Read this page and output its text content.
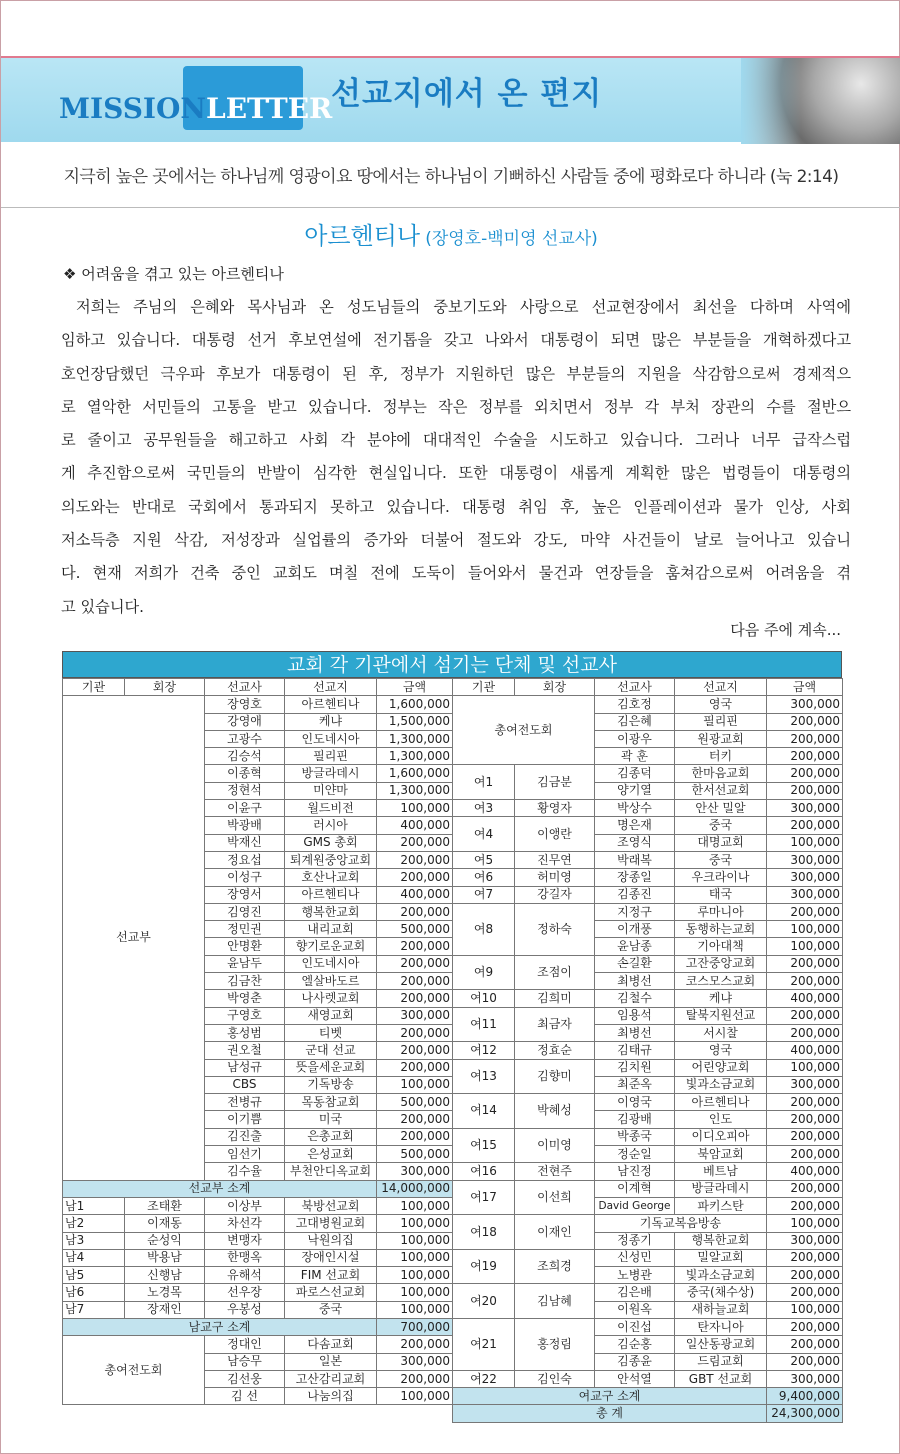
MISSIONLETTER
선교지에서 온 편지
지극히 높은 곳에서는 하나님께 영광이요 땅에서는 하나님이 기뻐하신 사람들 중에 평화로다 하니라 (눅 2:14)
아르헨티나 (장영호-백미영 선교사)
❖ 어려움을 겪고 있는 아르헨티나
저희는 주님의 은혜와 목사님과 온 성도님들의 중보기도와 사랑으로 선교현장에서 최선을 다하며 사역에
임하고 있습니다. 대통령 선거 후보연설에 전기톱을 갖고 나와서 대통령이 되면 많은 부분들을 개혁하겠다고
호언장담했던 극우파 후보가 대통령이 된 후, 정부가 지원하던 많은 부분들의 지원을 삭감함으로써 경제적으
로 열악한 서민들의 고통을 받고 있습니다. 정부는 작은 정부를 외치면서 정부 각 부처 장관의 수를 절반으
로 줄이고 공무원들을 해고하고 사회 각 분야에 대대적인 수술을 시도하고 있습니다. 그러나 너무 급작스럽
게 추진함으로써 국민들의 반발이 심각한 현실입니다. 또한 대통령이 새롭게 계획한 많은 법령들이 대통령의
의도와는 반대로 국회에서 통과되지 못하고 있습니다. 대통령 취임 후, 높은 인플레이션과 물가 인상, 사회
저소득층 지원 삭감, 저성장과 실업률의 증가와 더불어 절도와 강도, 마약 사건들이 날로 늘어나고 있습니
다. 현재 저희가 건축 중인 교회도 며칠 전에 도둑이 들어와서 물건과 연장들을 훔쳐감으로써 어려움을 겪
고 있습니다.
다음 주에 계속...
교회 각 기관에서 섬기는 단체 및 선교사
기관	회장	선교사	선교지	금액
선교부		장영호	아르헨티나	1,600,000
		강영애	케냐	1,500,000
		고광수	인도네시아	1,300,000
		김승석	필리핀	1,300,000
		이종혁	방글라데시	1,600,000
		정현석	미얀마	1,300,000
		이윤구	월드비전	100,000
		박광배	러시아	400,000
		박재신	GMS 총회	200,000
		정요섭	퇴계원중앙교회	200,000
		이성구	호산나교회	200,000
		장영서	아르헨티나	400,000
		김영진	행복한교회	200,000
		정민권	내리교회	500,000
		안명환	향기로운교회	200,000
		윤남두	인도네시아	200,000
		김금찬	엘살바도르	200,000
		박영춘	나사렛교회	200,000
		구영호	새영교회	300,000
		홍성범	티벳	200,000
		권오철	군대 선교	200,000
		남성규	뜻을세운교회	200,000
		CBS	기독방송	100,000
		전병규	목동참교회	500,000
		이기쁨	미국	200,000
		김진출	은총교회	200,000
		임선기	은성교회	500,000
		김수율	부천안디옥교회	300,000
선교부 소계				14,000,000
남1	조태환	이상부	북방선교회	100,000
남2	이재동	차선각	고대병원교회	100,000
남3	순성익	변맹자	낙원의집	100,000
남4	박용남	한맹옥	장애인시설	100,000
남5	신행남	유해석	FIM 선교회	100,000
남6	노경목	선우장	파로스선교회	100,000
남7	장재인	우봉성	중국	100,000
남교구 소계				700,000
총여전도회		정대인	다솜교회	200,000
		남승무	일본	300,000
		김선웅	고산감리교회	200,000
		김 선	나눔의집	100,000
기관	회장	선교사	선교지	금액
총여전도회		김호정	영국	300,000
		김은혜	필리핀	200,000
		이광우	원광교회	200,000
		곽 훈	터키	200,000
여1	김금분	김종덕	한마음교회	200,000
		양기열	한서선교회	200,000
여3	황영자	박상수	안산 밀알	300,000
여4	이앵란	명은재	중국	200,000
		조영식	대명교회	100,000
여5	진무연	박래복	중국	300,000
여6	허미영	장종일	우크라이나	300,000
여7	강길자	김종진	태국	300,000
여8	정하숙	지정구	루마니아	200,000
		이개풍	동행하는교회	100,000
		윤남종	기아대책	100,000
여9	조점이	손길환	고잔중앙교회	200,000
		최병선	코스모스교회	200,000
여10	김희미	김철수	케냐	400,000
여11	최금자	임용석	탈북지원선교	200,000
		최병선	서시찰	200,000
여12	정효순	김태규	영국	400,000
여13	김향미	김치원	어린양교회	100,000
		최준옥	빛과소금교회	300,000
여14	박혜성	이영국	아르헨티나	200,000
		김광배	인도	200,000
여15	이미영	박종국	이디오피아	200,000
		정순일	북암교회	200,000
여16	전현주	남진정	베트남	400,000
여17	이선희	이계혁	방글라데시	200,000
		David George	파키스탄	200,000
여18	이재인	기독교복음방송		100,000
		정종기	행복한교회	300,000
여19	조희경	신성민	밀알교회	200,000
		노병관	빛과소금교회	200,000
여20	김남혜	김은배	중국(채수상)	200,000
		이원옥	새하늘교회	100,000
여21	홍정림	이진섭	탄자니아	200,000
		김순홍	일산동광교회	200,000
		김종윤	드림교회	200,000
여22	김인숙	안석열	GBT 선교회	300,000
여교구 소계				9,400,000
총 계				24,300,000
